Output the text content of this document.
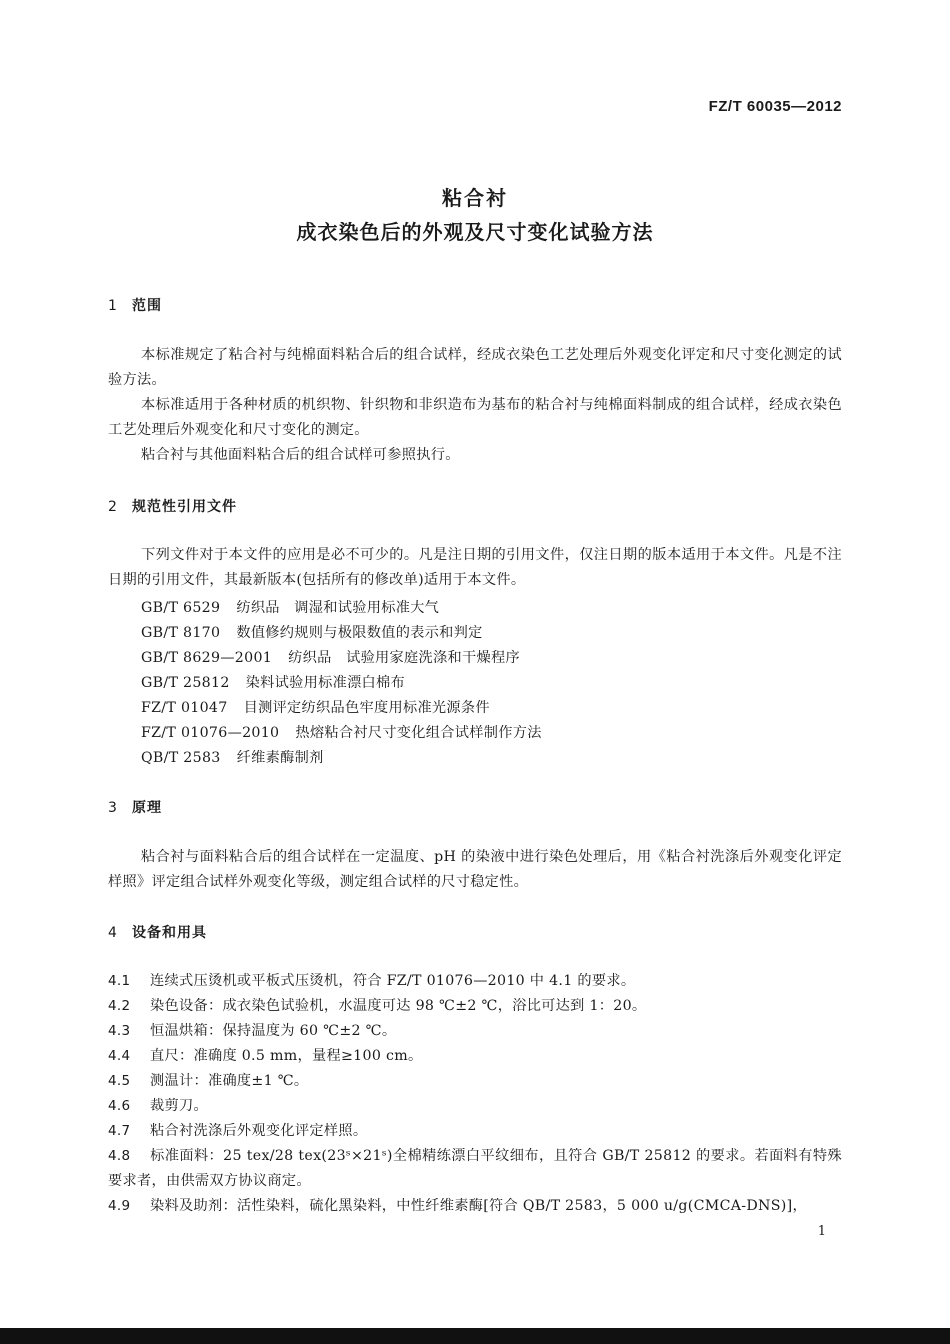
FZ/T 60035—2012
粘合衬
成衣染色后的外观及尺寸变化试验方法
1 范围
本标准规定了粘合衬与纯棉面料粘合后的组合试样，经成衣染色工艺处理后外观变化评定和尺寸变化测定的试验方法。
本标准适用于各种材质的机织物、针织物和非织造布为基布的粘合衬与纯棉面料制成的组合试样，经成衣染色工艺处理后外观变化和尺寸变化的测定。
粘合衬与其他面料粘合后的组合试样可参照执行。
2 规范性引用文件
下列文件对于本文件的应用是必不可少的。凡是注日期的引用文件，仅注日期的版本适用于本文件。凡是不注日期的引用文件，其最新版本(包括所有的修改单)适用于本文件。
GB/T 6529 纺织品　调湿和试验用标准大气
GB/T 8170 数值修约规则与极限数值的表示和判定
GB/T 8629—2001 纺织品　试验用家庭洗涤和干燥程序
GB/T 25812 染料试验用标准漂白棉布
FZ/T 01047 目测评定纺织品色牢度用标准光源条件
FZ/T 01076—2010 热熔粘合衬尺寸变化组合试样制作方法
QB/T 2583 纤维素酶制剂
3 原理
粘合衬与面料粘合后的组合试样在一定温度、pH 的染液中进行染色处理后，用《粘合衬洗涤后外观变化评定样照》评定组合试样外观变化等级，测定组合试样的尺寸稳定性。
4 设备和用具
4.1 连续式压烫机或平板式压烫机，符合 FZ/T 01076—2010 中 4.1 的要求。
4.2 染色设备：成衣染色试验机，水温度可达 98 ℃±2 ℃，浴比可达到 1：20。
4.3 恒温烘箱：保持温度为 60 ℃±2 ℃。
4.4 直尺：准确度 0.5 mm，量程≥100 cm。
4.5 测温计：准确度±1 ℃。
4.6 裁剪刀。
4.7 粘合衬洗涤后外观变化评定样照。
4.8 标准面料：25 tex/28 tex(23ˢ×21ˢ)全棉精练漂白平纹细布，且符合 GB/T 25812 的要求。若面料有特殊要求者，由供需双方协议商定。
4.9 染料及助剂：活性染料，硫化黑染料，中性纤维素酶[符合 QB/T 2583，5 000 u/g(CMCA-DNS)]，
1
